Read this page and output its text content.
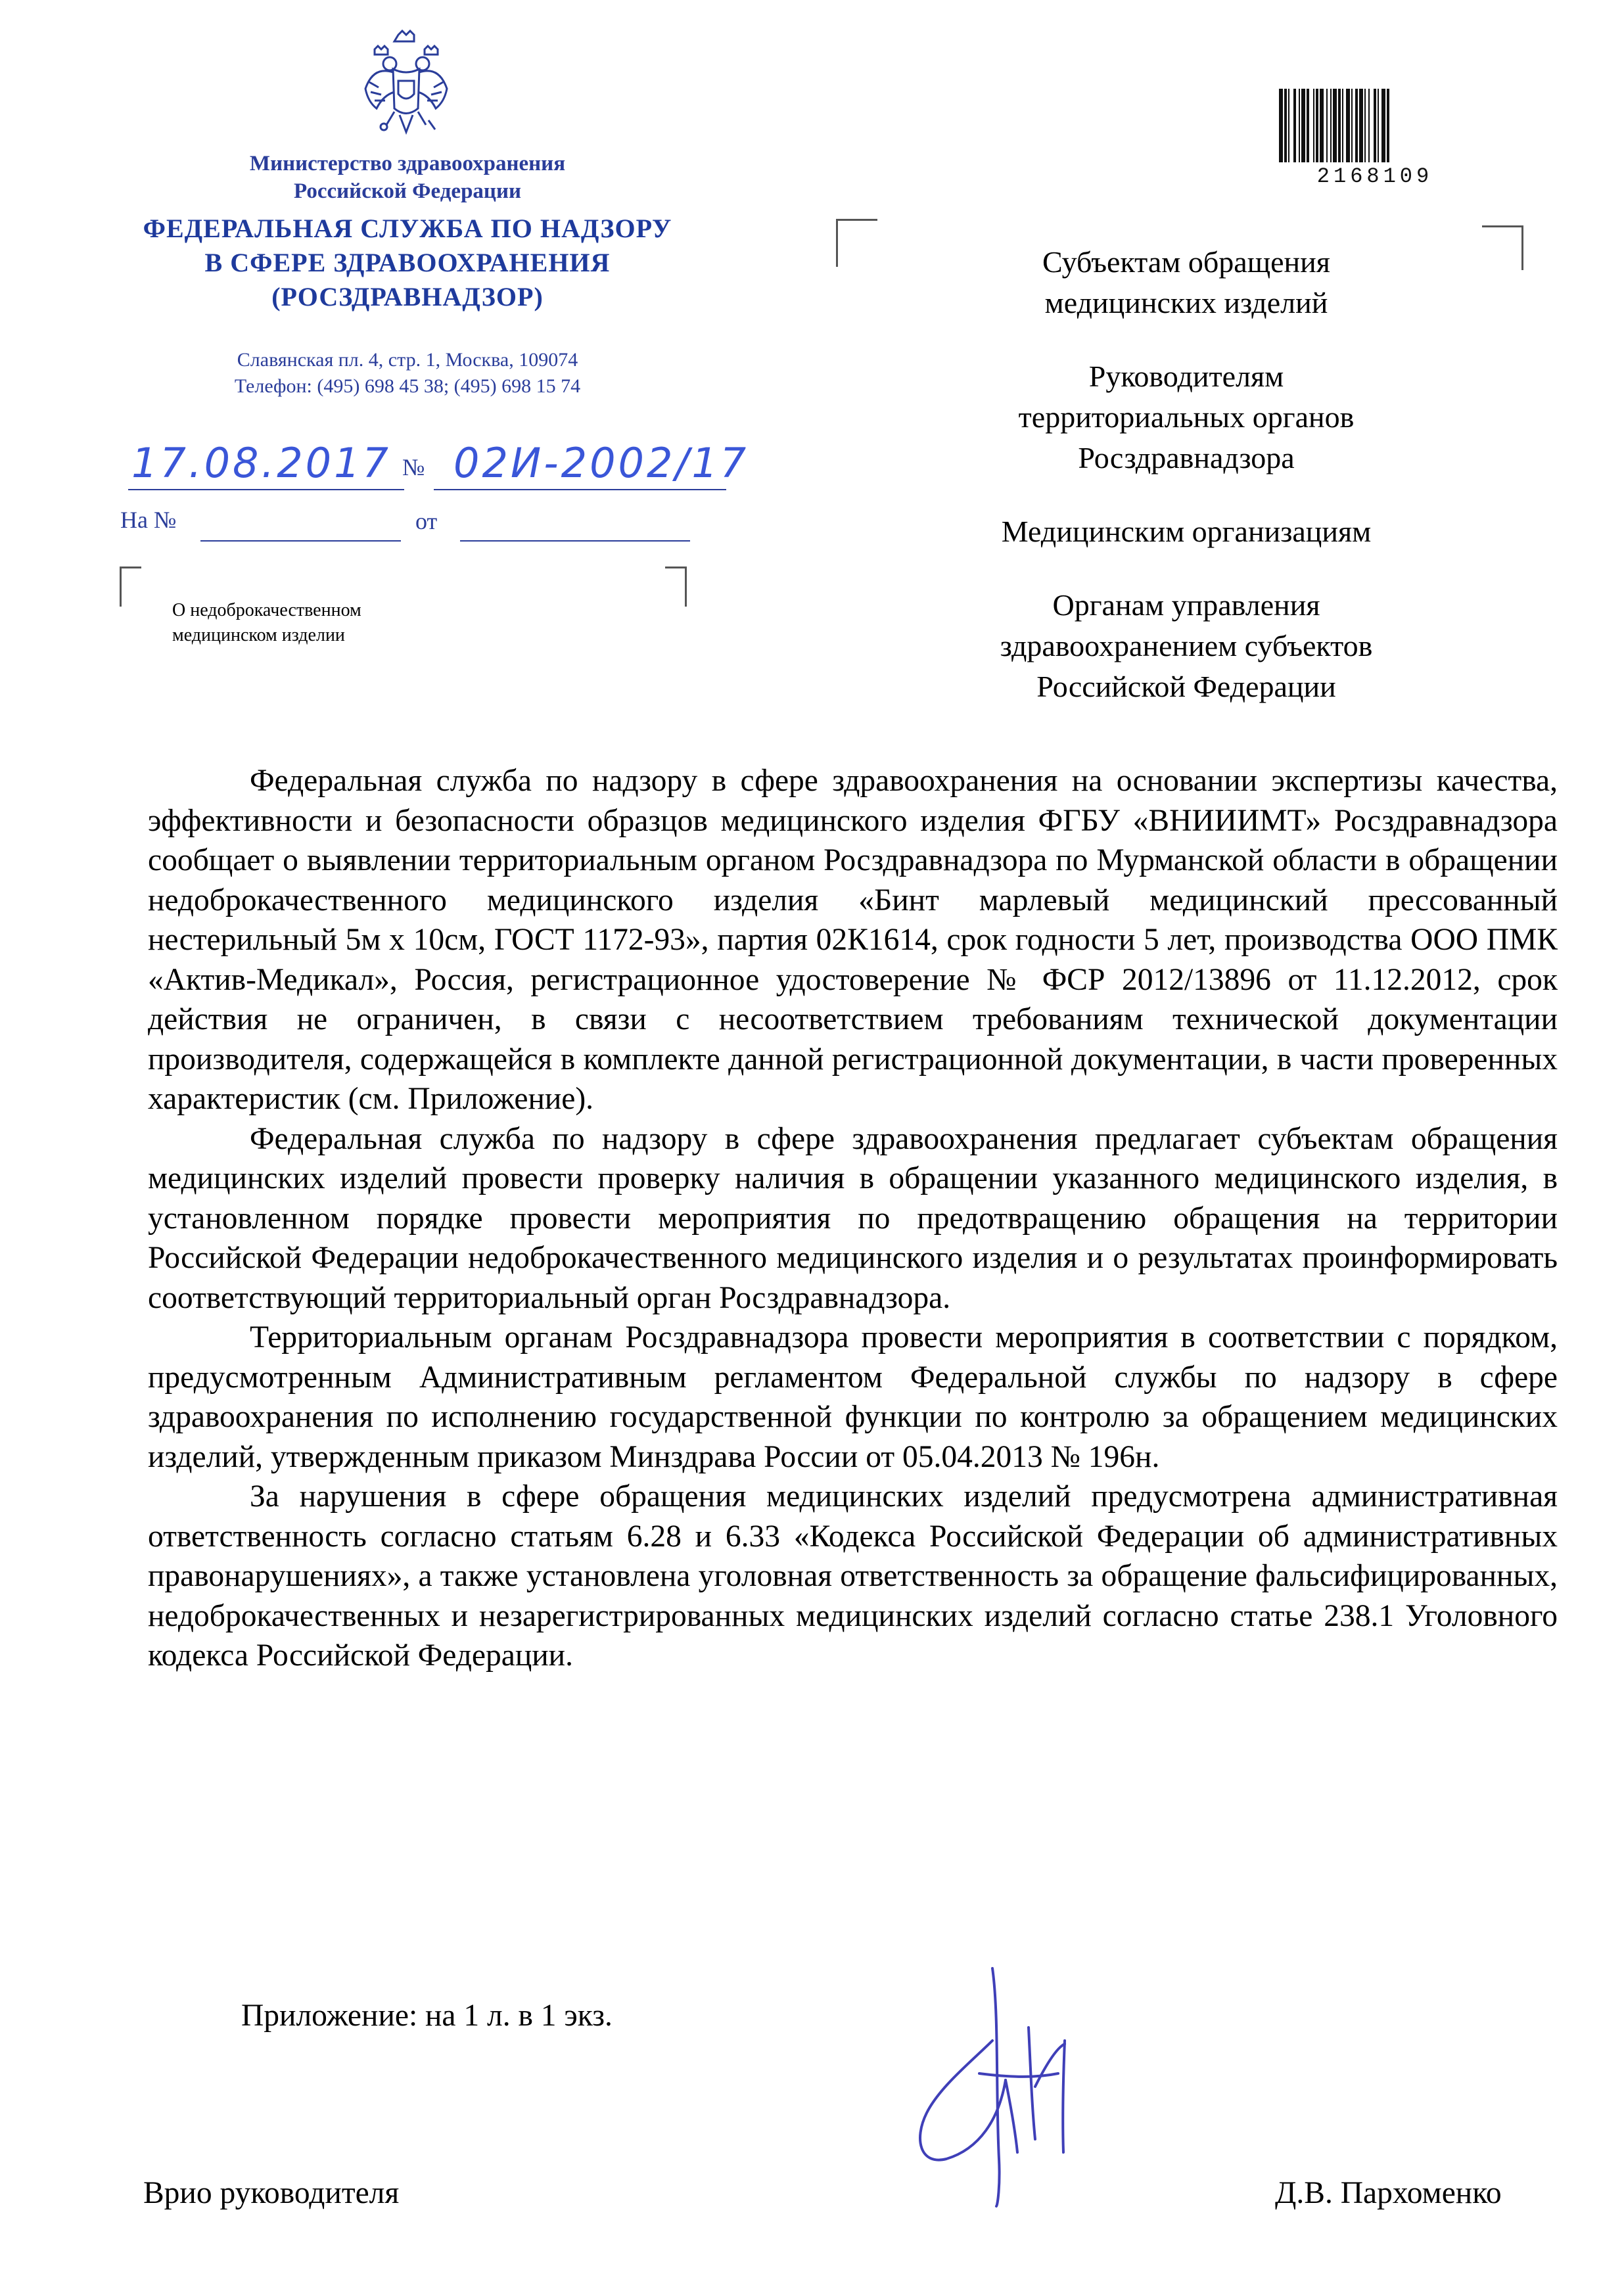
Министерство здравоохранения
Российской Федерации
ФЕДЕРАЛЬНАЯ СЛУЖБА ПО НАДЗОРУ
В СФЕРЕ ЗДРАВООХРАНЕНИЯ
(РОСЗДРАВНАДЗОР)
Славянская пл. 4, стр. 1, Москва, 109074
Телефон: (495) 698 45 38; (495) 698 15 74
17.08.2017 № 02И-2002/17
На №	от
О недоброкачественном
медицинском изделии
2168109
Субъектам обращения
медицинских изделий
Руководителям
территориальных органов
Росздравнадзора
Медицинским организациям
Органам управления
здравоохранением субъектов
Российской Федерации

Федеральная служба по надзору в сфере здравоохранения на основании экспертизы качества, эффективности и безопасности образцов медицинского изделия ФГБУ «ВНИИИМТ» Росздравнадзора сообщает о выявлении территориальным органом Росздравнадзора по Мурманской области в обращении недоброкачественного медицинского изделия «Бинт марлевый медицинский прессованный нестерильный 5м х 10см, ГОСТ 1172-93», партия 02К1614, срок годности 5 лет, производства ООО ПМК «Актив-Медикал», Россия, регистрационное удостоверение № ФСР 2012/13896 от 11.12.2012, срок действия не ограничен, в связи с несоответствием требованиям технической документации производителя, содержащейся в комплекте данной регистрационной документации, в части проверенных характеристик (см. Приложение).

Федеральная служба по надзору в сфере здравоохранения предлагает субъектам обращения медицинских изделий провести проверку наличия в обращении указанного медицинского изделия, в установленном порядке провести мероприятия по предотвращению обращения на территории Российской Федерации недоброкачественного медицинского изделия и о результатах проинформировать соответствующий территориальный орган Росздравнадзора.

Территориальным органам Росздравнадзора провести мероприятия в соответствии с порядком, предусмотренным Административным регламентом Федеральной службы по надзору в сфере здравоохранения по исполнению государственной функции по контролю за обращением медицинских изделий, утвержденным приказом Минздрава России от 05.04.2013 № 196н.

За нарушения в сфере обращения медицинских изделий предусмотрена административная ответственность согласно статьям 6.28 и 6.33 «Кодекса Российской Федерации об административных правонарушениях», а также установлена уголовная ответственность за обращение фальсифицированных, недоброкачественных и незарегистрированных медицинских изделий согласно статье 238.1 Уголовного кодекса Российской Федерации.

Приложение: на 1 л. в 1 экз.
Врио руководителя	Д.В. Пархоменко
